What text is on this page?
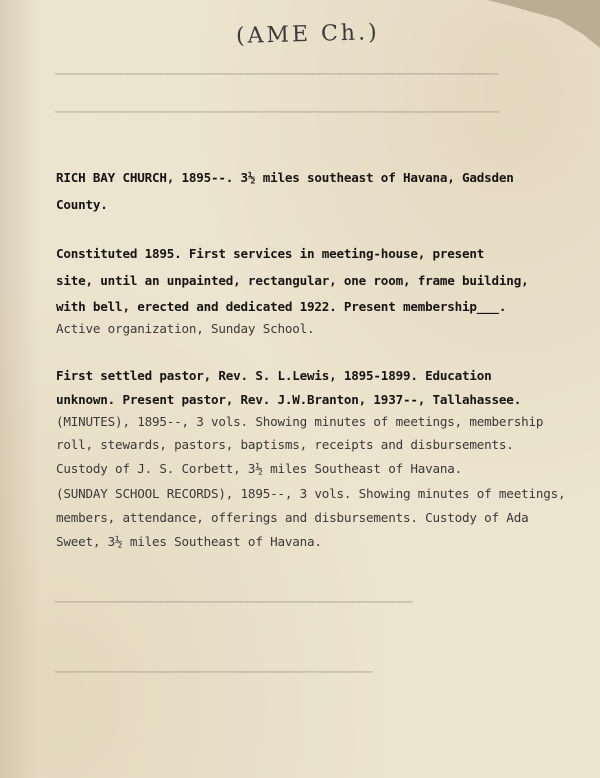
▁▁▁▁▁▁▁▁▁▁▁▁▁▁▁▁▁▁▁▁▁▁▁▁▁▁▁▁▁▁▁▁▁▁▁▁▁▁▁▁▁▁▁▁▁▁▁▁▁▁▁▁▁▁▁▁▁▁▁▁▁▁▁▁▁▁▁
▁▁▁▁▁▁▁▁▁▁▁▁▁▁▁▁▁▁▁▁▁▁▁▁▁▁▁▁▁▁▁▁▁▁▁▁▁▁▁▁▁▁▁▁▁▁▁▁▁▁▁▁▁▁▁▁▁▁▁▁▁▁▁▁▁▁▁
▁▁▁▁▁▁▁▁▁▁▁▁▁▁▁▁▁▁▁▁▁▁▁▁▁▁▁▁▁▁▁▁▁▁▁▁▁▁▁▁▁▁▁▁▁▁▁▁▁▁▁▁▁▁
▁▁▁▁▁▁▁▁▁▁▁▁▁▁▁▁▁▁▁▁▁▁▁▁▁▁▁▁▁▁▁▁▁▁▁▁▁▁▁▁▁▁▁▁▁▁▁▁
(AME Ch.)
RICH BAY CHURCH, 1895--. 3½ miles southeast of Havana, Gadsden
County.
Constituted 1895. First services in meeting-house, present
site, until an unpainted, rectangular, one room, frame building,
with bell, erected and dedicated 1922. Present membership___.
Active organization, Sunday School.
First settled pastor, Rev. S. L.Lewis, 1895-1899. Education
unknown. Present pastor, Rev. J.W.Branton, 1937--, Tallahassee.
(MINUTES), 1895--, 3 vols. Showing minutes of meetings, membership
roll, stewards, pastors, baptisms, receipts and disbursements.
Custody of J. S. Corbett, 3½ miles Southeast of Havana.
(SUNDAY SCHOOL RECORDS), 1895--, 3 vols. Showing minutes of meetings,
members, attendance, offerings and disbursements. Custody of Ada
Sweet, 3½ miles Southeast of Havana.
